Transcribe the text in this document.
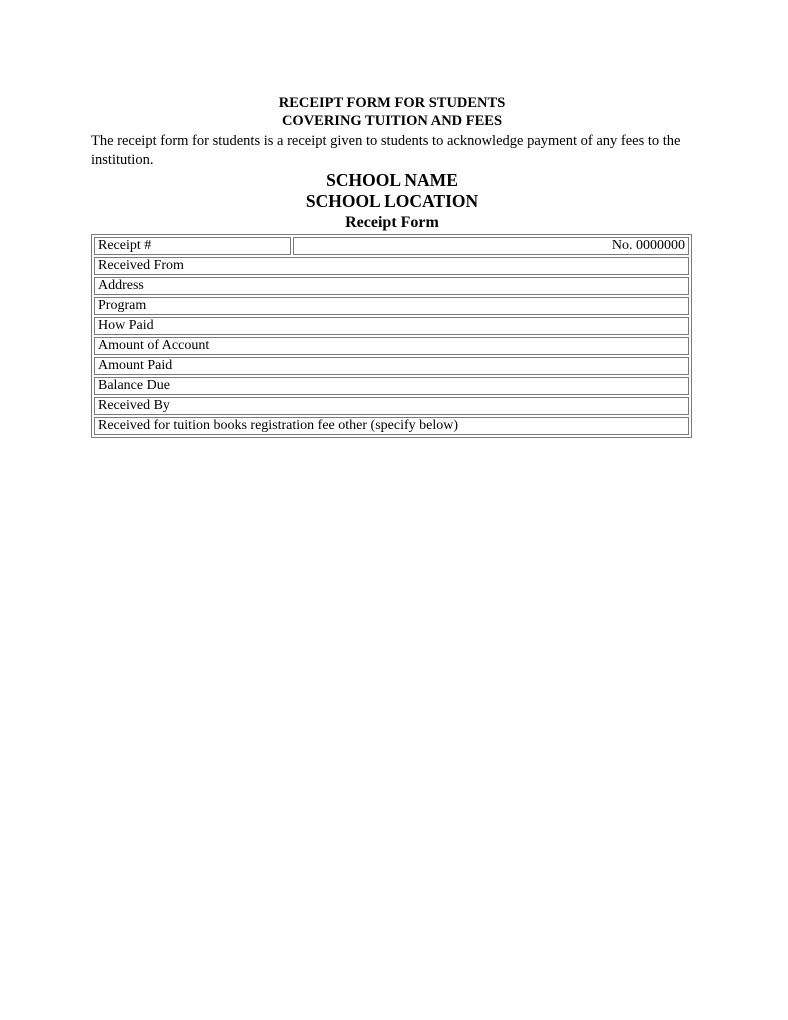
RECEIPT FORM FOR STUDENTS
COVERING TUITION AND FEES

The receipt form for students is a receipt given to students to acknowledge payment of any fees to the institution.

SCHOOL NAME
SCHOOL LOCATION
Receipt Form
Receipt #	No. 0000000
Received From
Address
Program
How Paid
Amount of Account
Amount Paid
Balance Due
Received By
Received for tuition books registration fee other (specify below)
